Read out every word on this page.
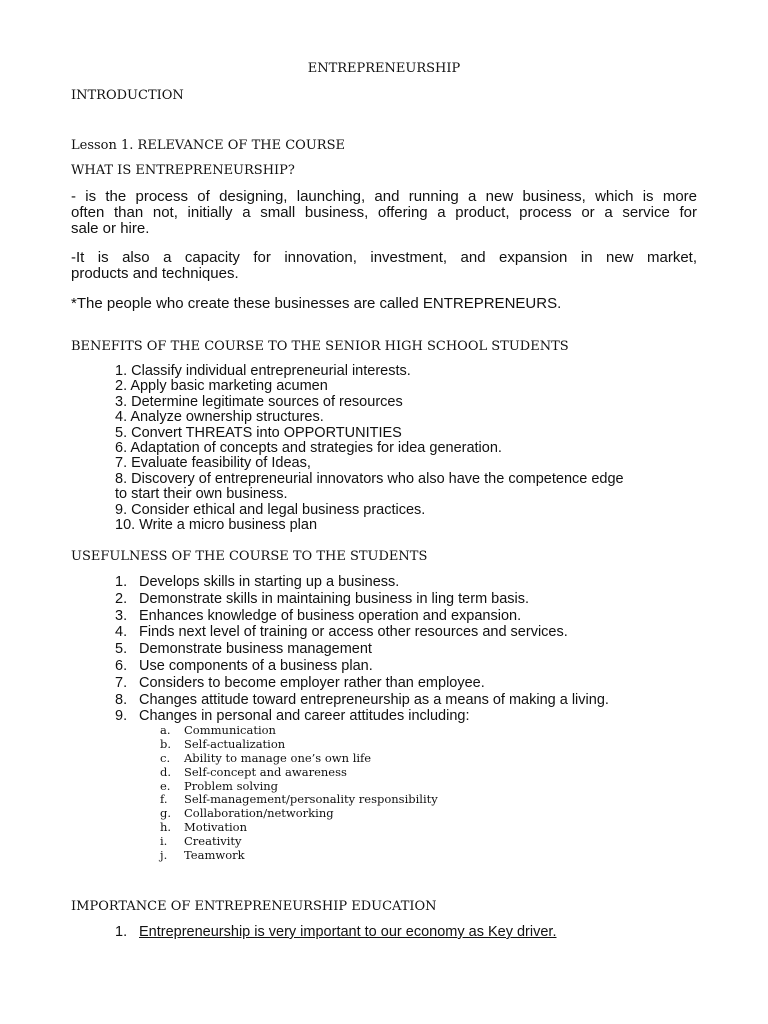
ENTREPRENEURSHIP
INTRODUCTION
Lesson 1. RELEVANCE OF THE COURSE
WHAT IS ENTREPRENEURSHIP?
- is the process of designing, launching, and running a new business, which is more
often than not, initially a small business, offering a product, process or a service for
sale or hire.
-It is also a capacity for innovation, investment, and expansion in new market,
products and techniques.
*The people who create these businesses are called ENTREPRENEURS.
BENEFITS OF THE COURSE TO THE SENIOR HIGH SCHOOL STUDENTS
1. Classify individual entrepreneurial interests.
2. Apply basic marketing acumen
3. Determine legitimate sources of resources
4. Analyze ownership structures.
5. Convert THREATS into OPPORTUNITIES
6. Adaptation of concepts and strategies for idea generation.
7. Evaluate feasibility of Ideas,
8. Discovery of entrepreneurial innovators who also have the competence edge
to start their own business.
9. Consider ethical and legal business practices.
10. Write a micro business plan
USEFULNESS OF THE COURSE TO THE STUDENTS
1. Develops skills in starting up a business.
2. Demonstrate skills in maintaining business in ling term basis.
3. Enhances knowledge of business operation and expansion.
4. Finds next level of training or access other resources and services.
5. Demonstrate business management
6. Use components of a business plan.
7. Considers to become employer rather than employee.
8. Changes attitude toward entrepreneurship as a means of making a living.
9. Changes in personal and career attitudes including:
a.	Communication
b.	Self-actualization
c.	Ability to manage one’s own life
d.	Self-concept and awareness
e.	Problem solving
f.	Self-management/personality responsibility
g.	Collaboration/networking
h.	Motivation
i.	Creativity
j.	Teamwork
IMPORTANCE OF ENTREPRENEURSHIP EDUCATION
1. Entrepreneurship is very important to our economy as Key driver.
